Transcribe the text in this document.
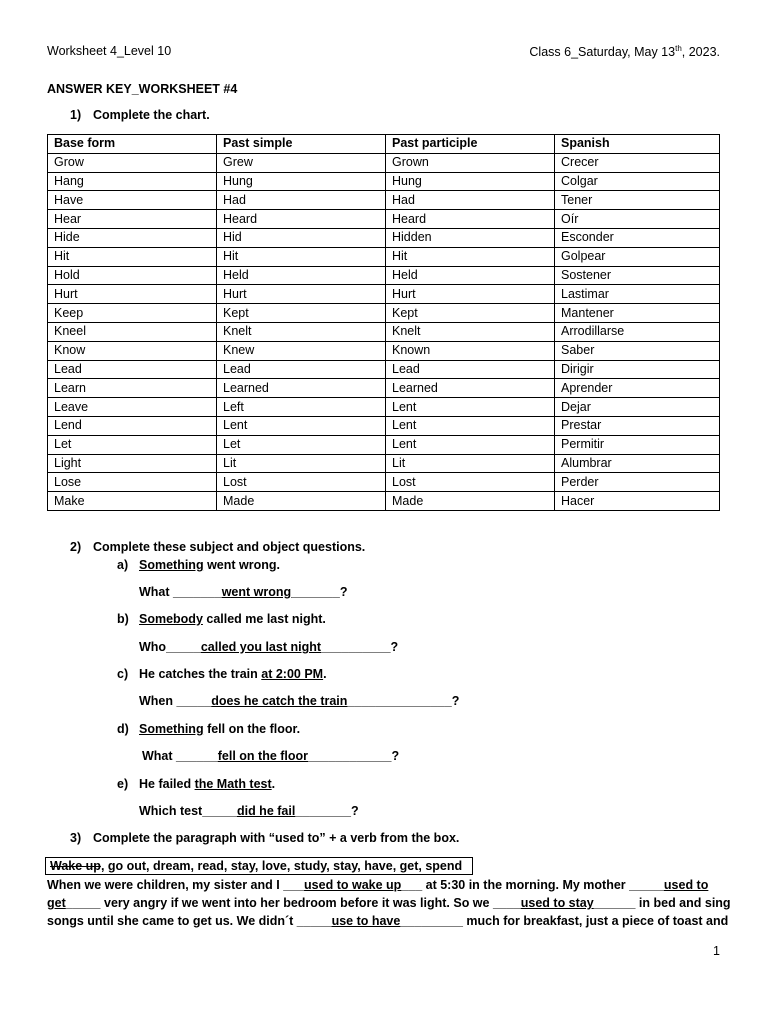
Worksheet 4_Level 10	Class 6_Saturday, May 13th, 2023.
ANSWER KEY_WORKSHEET #4
1) Complete the chart.
Base form	Past simple	Past participle	Spanish
Grow	Grew	Grown	Crecer
Hang	Hung	Hung	Colgar
Have	Had	Had	Tener
Hear	Heard	Heard	Oír
Hide	Hid	Hidden	Esconder
Hit	Hit	Hit	Golpear
Hold	Held	Held	Sostener
Hurt	Hurt	Hurt	Lastimar
Keep	Kept	Kept	Mantener
Kneel	Knelt	Knelt	Arrodillarse
Know	Knew	Known	Saber
Lead	Lead	Lead	Dirigir
Learn	Learned	Learned	Aprender
Leave	Left	Lent	Dejar
Lend	Lent	Lent	Prestar
Let	Let	Lent	Permitir
Light	Lit	Lit	Alumbrar
Lose	Lost	Lost	Perder
Make	Made	Made	Hacer
2) Complete these subject and object questions.
a) Something went wrong.
What _______went wrong_______?
b) Somebody called me last night.
Who_____called you last night__________?
c) He catches the train at 2:00 PM.
When _____does he catch the train_______________?
d) Something fell on the floor.
What ______fell on the floor____________?
e) He failed the Math test.
Which test_____did he fail________?
3) Complete the paragraph with “used to” + a verb from the box.
Wake up, go out, dream, read, stay, love, study, stay, have, get, spend
When we were children, my sister and I ___used to wake up___ at 5:30 in the morning. My mother _____used to
get_____ very angry if we went into her bedroom before it was light. So we ____used to stay______ in bed and sing
songs until she came to get us. We didn´t _____use to have_________ much for breakfast, just a piece of toast and
1
